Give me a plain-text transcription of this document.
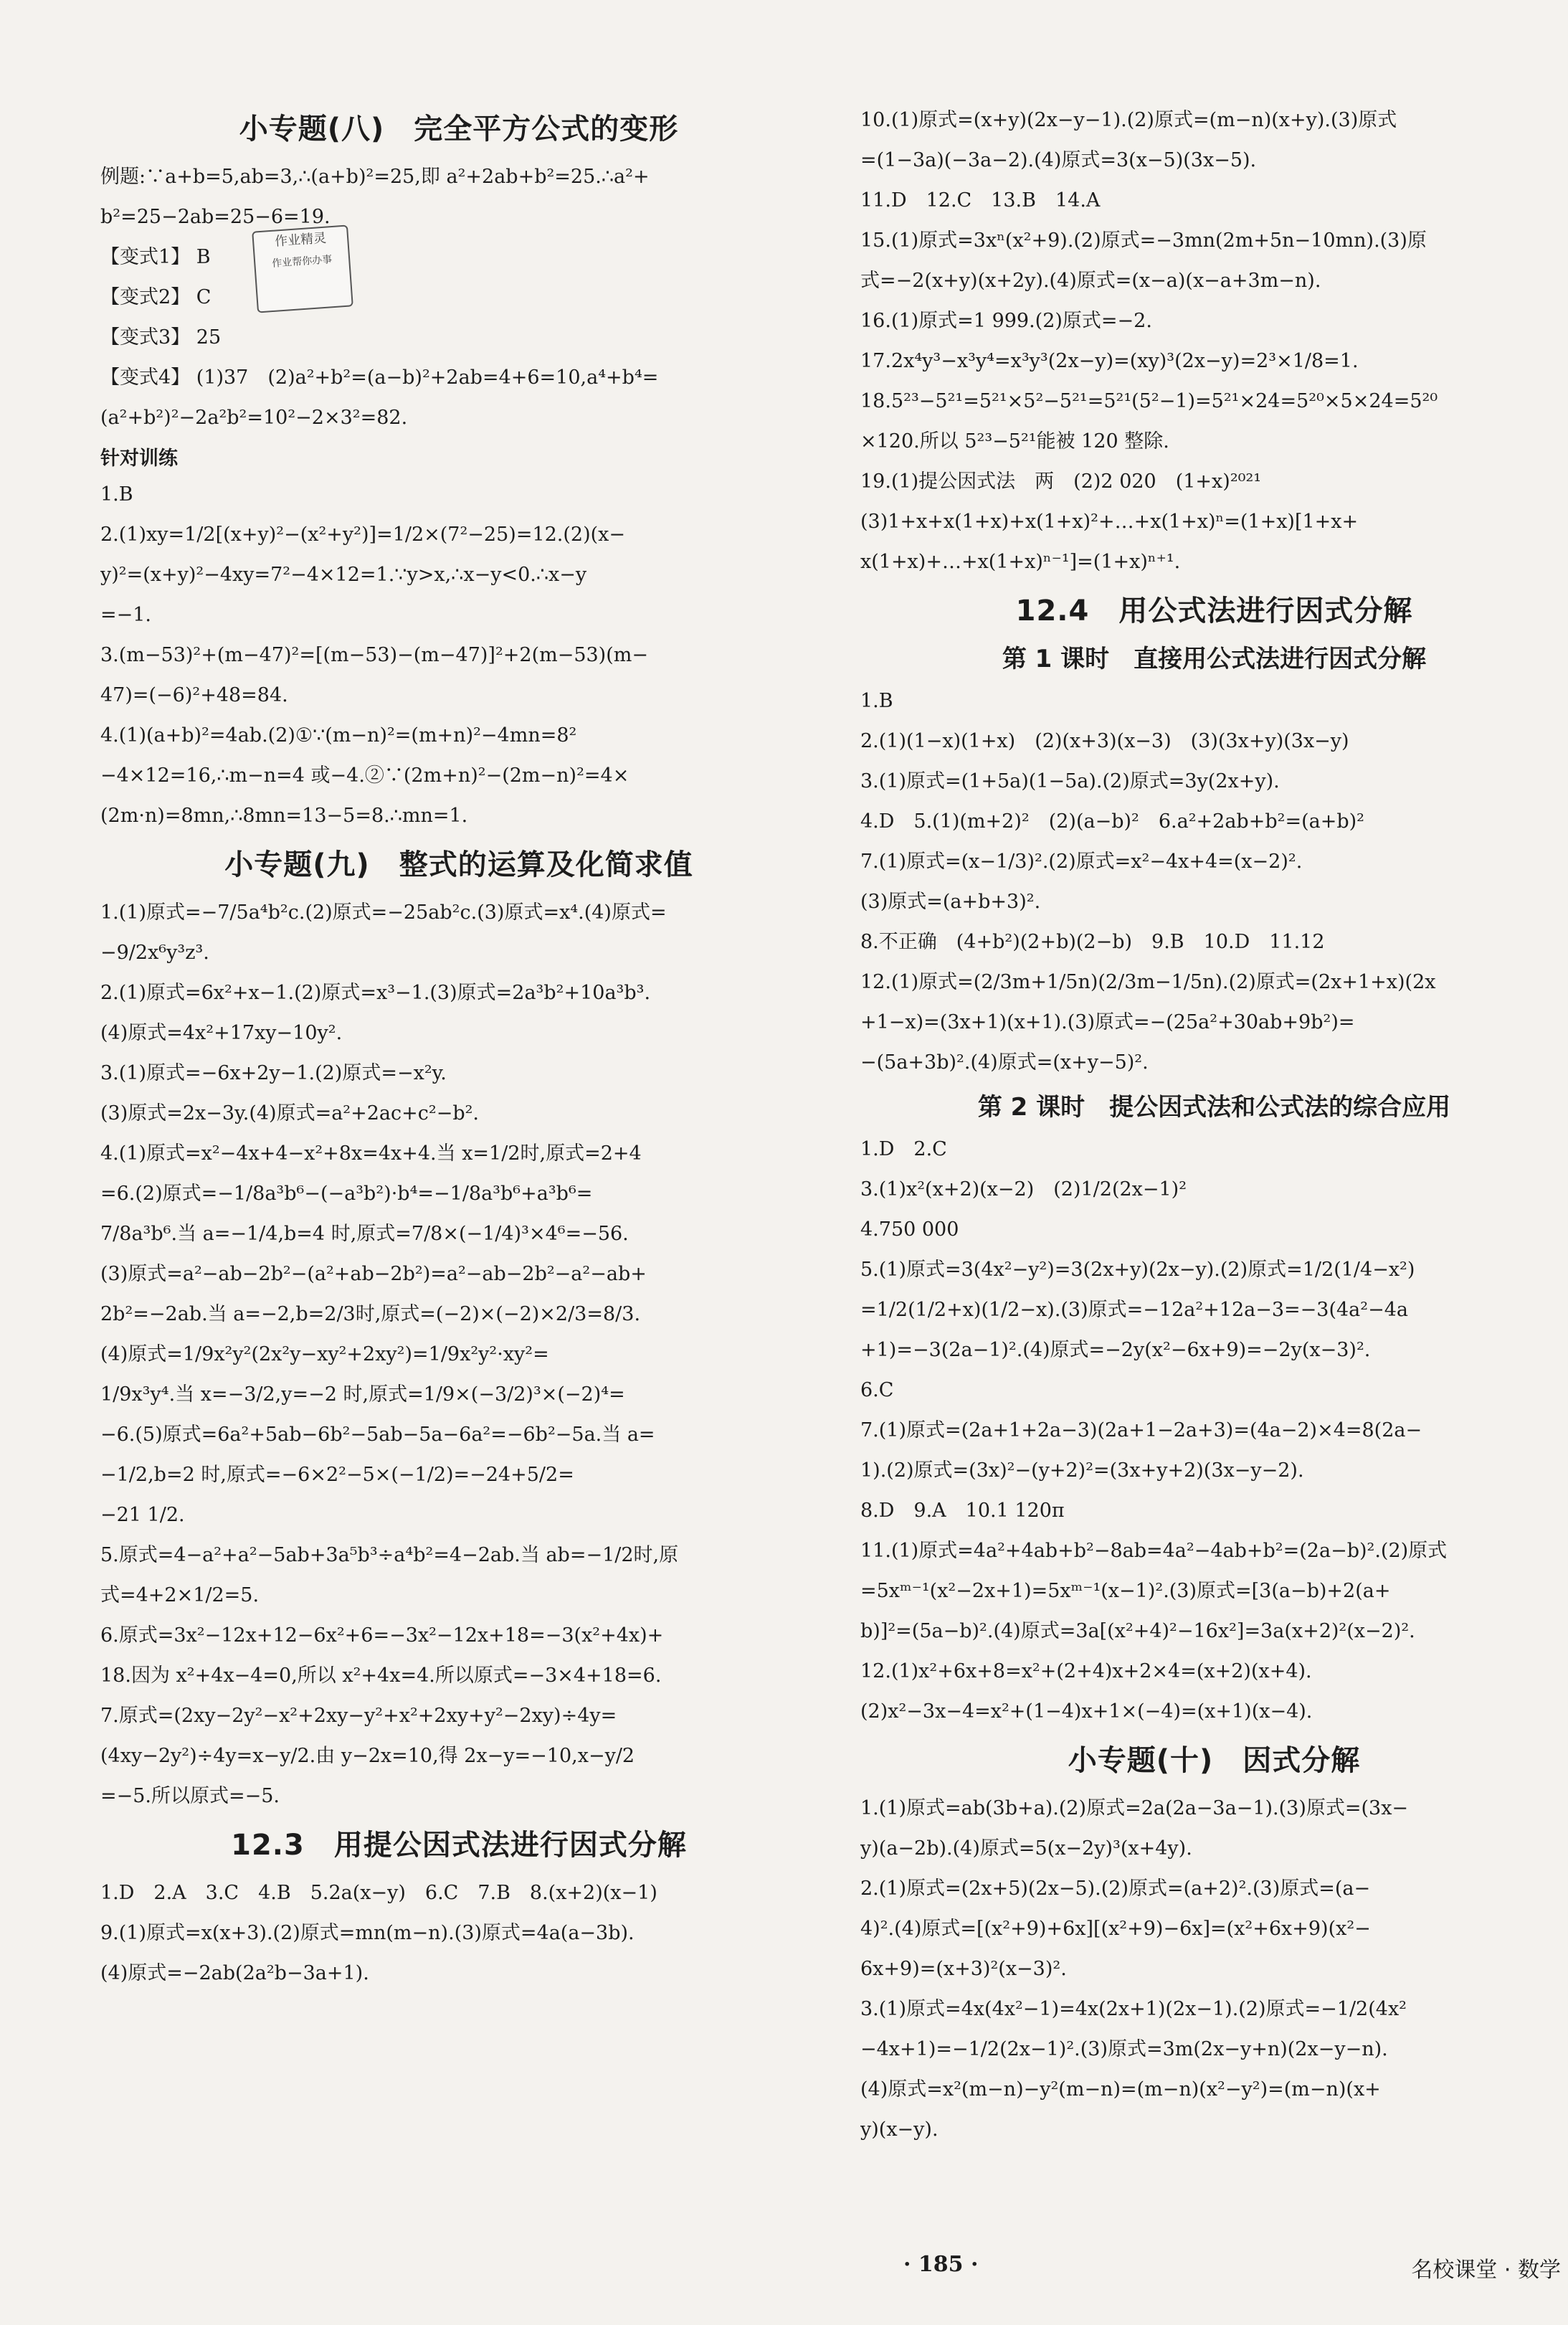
作业精灵
作业帮你办事
小专题(八)　完全平方公式的变形
例题:∵a+b=5,ab=3,∴(a+b)²=25,即 a²+2ab+b²=25.∴a²+
b²=25−2ab=25−6=19.
【变式1】 B
【变式2】 C
【变式3】 25
【变式4】 (1)37　(2)a²+b²=(a−b)²+2ab=4+6=10,a⁴+b⁴=
(a²+b²)²−2a²b²=10²−2×3²=82.
针对训练
1.B
2.(1)xy=1/2[(x+y)²−(x²+y²)]=1/2×(7²−25)=12.(2)(x−
y)²=(x+y)²−4xy=7²−4×12=1.∵y>x,∴x−y<0.∴x−y
=−1.
3.(m−53)²+(m−47)²=[(m−53)−(m−47)]²+2(m−53)(m−
47)=(−6)²+48=84.
4.(1)(a+b)²=4ab.(2)①∵(m−n)²=(m+n)²−4mn=8²
−4×12=16,∴m−n=4 或−4.②∵(2m+n)²−(2m−n)²=4×
(2m·n)=8mn,∴8mn=13−5=8.∴mn=1.
小专题(九)　整式的运算及化简求值
1.(1)原式=−7/5a⁴b²c.(2)原式=−25ab²c.(3)原式=x⁴.(4)原式=
−9/2x⁶y³z³.
2.(1)原式=6x²+x−1.(2)原式=x³−1.(3)原式=2a³b²+10a³b³.
(4)原式=4x²+17xy−10y².
3.(1)原式=−6x+2y−1.(2)原式=−x²y.
(3)原式=2x−3y.(4)原式=a²+2ac+c²−b².
4.(1)原式=x²−4x+4−x²+8x=4x+4.当 x=1/2时,原式=2+4
=6.(2)原式=−1/8a³b⁶−(−a³b²)·b⁴=−1/8a³b⁶+a³b⁶=
7/8a³b⁶.当 a=−1/4,b=4 时,原式=7/8×(−1/4)³×4⁶=−56.
(3)原式=a²−ab−2b²−(a²+ab−2b²)=a²−ab−2b²−a²−ab+
2b²=−2ab.当 a=−2,b=2/3时,原式=(−2)×(−2)×2/3=8/3.
(4)原式=1/9x²y²(2x²y−xy²+2xy²)=1/9x²y²·xy²=
1/9x³y⁴.当 x=−3/2,y=−2 时,原式=1/9×(−3/2)³×(−2)⁴=
−6.(5)原式=6a²+5ab−6b²−5ab−5a−6a²=−6b²−5a.当 a=
−1/2,b=2 时,原式=−6×2²−5×(−1/2)=−24+5/2=
−21 1/2.
5.原式=4−a²+a²−5ab+3a⁵b³÷a⁴b²=4−2ab.当 ab=−1/2时,原
式=4+2×1/2=5.
6.原式=3x²−12x+12−6x²+6=−3x²−12x+18=−3(x²+4x)+
18.因为 x²+4x−4=0,所以 x²+4x=4.所以原式=−3×4+18=6.
7.原式=(2xy−2y²−x²+2xy−y²+x²+2xy+y²−2xy)÷4y=
(4xy−2y²)÷4y=x−y/2.由 y−2x=10,得 2x−y=−10,x−y/2
=−5.所以原式=−5.
12.3　用提公因式法进行因式分解
1.D　2.A　3.C　4.B　5.2a(x−y)　6.C　7.B　8.(x+2)(x−1)
9.(1)原式=x(x+3).(2)原式=mn(m−n).(3)原式=4a(a−3b).
(4)原式=−2ab(2a²b−3a+1).
10.(1)原式=(x+y)(2x−y−1).(2)原式=(m−n)(x+y).(3)原式
=(1−3a)(−3a−2).(4)原式=3(x−5)(3x−5).
11.D　12.C　13.B　14.A
15.(1)原式=3xⁿ(x²+9).(2)原式=−3mn(2m+5n−10mn).(3)原
式=−2(x+y)(x+2y).(4)原式=(x−a)(x−a+3m−n).
16.(1)原式=1 999.(2)原式=−2.
17.2x⁴y³−x³y⁴=x³y³(2x−y)=(xy)³(2x−y)=2³×1/8=1.
18.5²³−5²¹=5²¹×5²−5²¹=5²¹(5²−1)=5²¹×24=5²⁰×5×24=5²⁰
×120.所以 5²³−5²¹能被 120 整除.
19.(1)提公因式法　两　(2)2 020　(1+x)²⁰²¹
(3)1+x+x(1+x)+x(1+x)²+…+x(1+x)ⁿ=(1+x)[1+x+
x(1+x)+…+x(1+x)ⁿ⁻¹]=(1+x)ⁿ⁺¹.
12.4　用公式法进行因式分解
第 1 课时　直接用公式法进行因式分解
1.B
2.(1)(1−x)(1+x)　(2)(x+3)(x−3)　(3)(3x+y)(3x−y)
3.(1)原式=(1+5a)(1−5a).(2)原式=3y(2x+y).
4.D　5.(1)(m+2)²　(2)(a−b)²　6.a²+2ab+b²=(a+b)²
7.(1)原式=(x−1/3)².(2)原式=x²−4x+4=(x−2)².
(3)原式=(a+b+3)².
8.不正确　(4+b²)(2+b)(2−b)　9.B　10.D　11.12
12.(1)原式=(2/3m+1/5n)(2/3m−1/5n).(2)原式=(2x+1+x)(2x
+1−x)=(3x+1)(x+1).(3)原式=−(25a²+30ab+9b²)=
−(5a+3b)².(4)原式=(x+y−5)².
第 2 课时　提公因式法和公式法的综合应用
1.D　2.C
3.(1)x²(x+2)(x−2)　(2)1/2(2x−1)²
4.750 000
5.(1)原式=3(4x²−y²)=3(2x+y)(2x−y).(2)原式=1/2(1/4−x²)
=1/2(1/2+x)(1/2−x).(3)原式=−12a²+12a−3=−3(4a²−4a
+1)=−3(2a−1)².(4)原式=−2y(x²−6x+9)=−2y(x−3)².
6.C
7.(1)原式=(2a+1+2a−3)(2a+1−2a+3)=(4a−2)×4=8(2a−
1).(2)原式=(3x)²−(y+2)²=(3x+y+2)(3x−y−2).
8.D　9.A　10.1 120π
11.(1)原式=4a²+4ab+b²−8ab=4a²−4ab+b²=(2a−b)².(2)原式
=5xᵐ⁻¹(x²−2x+1)=5xᵐ⁻¹(x−1)².(3)原式=[3(a−b)+2(a+
b)]²=(5a−b)².(4)原式=3a[(x²+4)²−16x²]=3a(x+2)²(x−2)².
12.(1)x²+6x+8=x²+(2+4)x+2×4=(x+2)(x+4).
(2)x²−3x−4=x²+(1−4)x+1×(−4)=(x+1)(x−4).
小专题(十)　因式分解
1.(1)原式=ab(3b+a).(2)原式=2a(2a−3a−1).(3)原式=(3x−
y)(a−2b).(4)原式=5(x−2y)³(x+4y).
2.(1)原式=(2x+5)(2x−5).(2)原式=(a+2)².(3)原式=(a−
4)².(4)原式=[(x²+9)+6x][(x²+9)−6x]=(x²+6x+9)(x²−
6x+9)=(x+3)²(x−3)².
3.(1)原式=4x(4x²−1)=4x(2x+1)(2x−1).(2)原式=−1/2(4x²
−4x+1)=−1/2(2x−1)².(3)原式=3m(2x−y+n)(2x−y−n).
(4)原式=x²(m−n)−y²(m−n)=(m−n)(x²−y²)=(m−n)(x+
y)(x−y).
· 185 ·	名校课堂 · 数学
